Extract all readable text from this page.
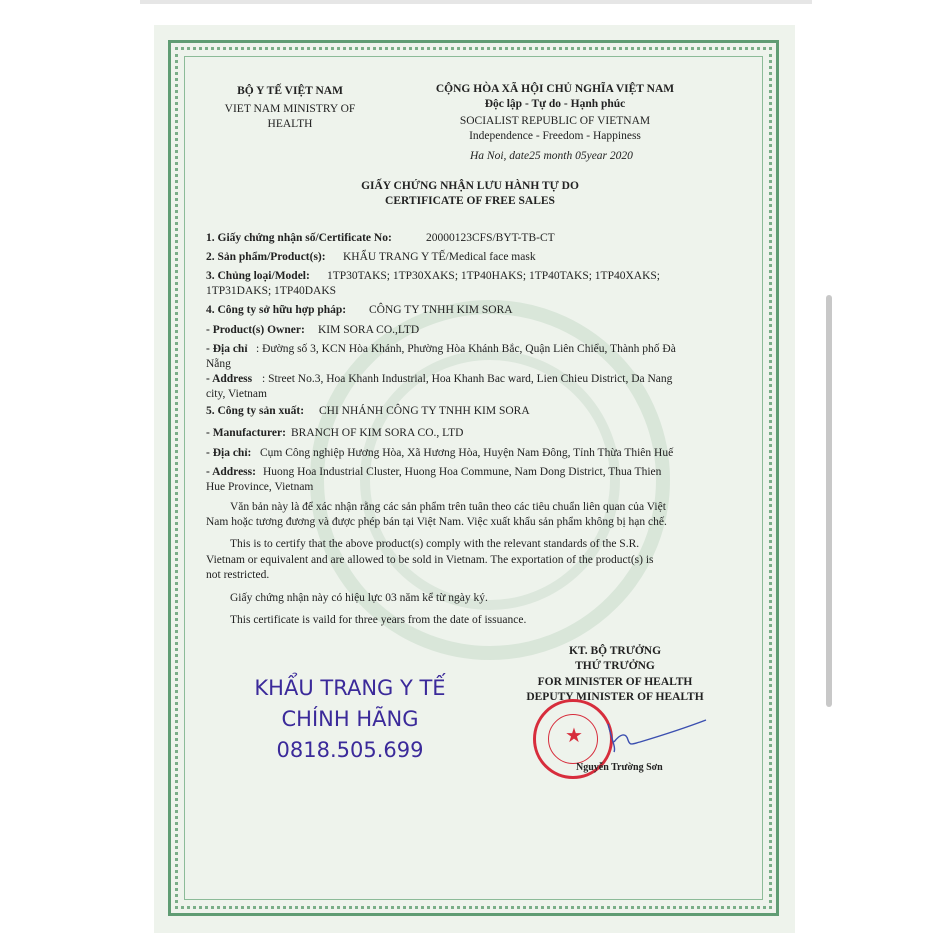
BỘ Y TẾ VIỆT NAM
VIET NAM MINISTRY OF
HEALTH
CỘNG HÒA XÃ HỘI CHỦ NGHĨA VIỆT NAM
Độc lập - Tự do - Hạnh phúc
SOCIALIST REPUBLIC OF VIETNAM
Independence - Freedom - Happiness
Ha Noi, date25 month 05year 2020
GIẤY CHỨNG NHẬN LƯU HÀNH TỰ DO
CERTIFICATE OF FREE SALES
1. Giấy chứng nhận số/Certificate No:	20000123CFS/BYT-TB-CT
2. Sản phẩm/Product(s): KHẨU TRANG Y TẾ/Medical face mask
3. Chủng loại/Model: 1TP30TAKS; 1TP30XAKS; 1TP40HAKS; 1TP40TAKS; 1TP40XAKS;
1TP31DAKS; 1TP40DAKS
4. Công ty sở hữu hợp pháp: CÔNG TY TNHH KIM SORA
- Product(s) Owner: KIM SORA CO.,LTD
- Địa chỉ : Đường số 3, KCN Hòa Khánh, Phường Hòa Khánh Bắc, Quận Liên Chiểu, Thành phố Đà
Nẵng
- Address : Street No.3, Hoa Khanh Industrial, Hoa Khanh Bac ward, Lien Chieu District, Da Nang
city, Vietnam
5. Công ty sản xuất: CHI NHÁNH CÔNG TY TNHH KIM SORA
- Manufacturer: BRANCH OF KIM SORA CO., LTD
- Địa chỉ: Cụm Công nghiệp Hương Hòa, Xã Hương Hòa, Huyện Nam Đông, Tỉnh Thừa Thiên Huế
- Address: Huong Hoa Industrial Cluster, Huong Hoa Commune, Nam Dong District, Thua Thien
Hue Province, Vietnam
Văn bản này là để xác nhận rằng các sản phẩm trên tuân theo các tiêu chuẩn liên quan của Việt
Nam hoặc tương đương và được phép bán tại Việt Nam. Việc xuất khẩu sản phẩm không bị hạn chế.
This is to certify that the above product(s) comply with the relevant standards of the S.R.
Vietnam or equivalent and are allowed to be sold in Vietnam. The exportation of the product(s) is
not restricted.
Giấy chứng nhận này có hiệu lực 03 năm kể từ ngày ký.
This certificate is vaild for three years from the date of issuance.
KT. BỘ TRƯỞNG
THỨ TRƯỞNG
FOR MINISTER OF HEALTH
DEPUTY MINISTER OF HEALTH
★
Nguyễn Trường Sơn
KHẨU TRANG Y TẾ
CHÍNH HÃNG
0818.505.699
